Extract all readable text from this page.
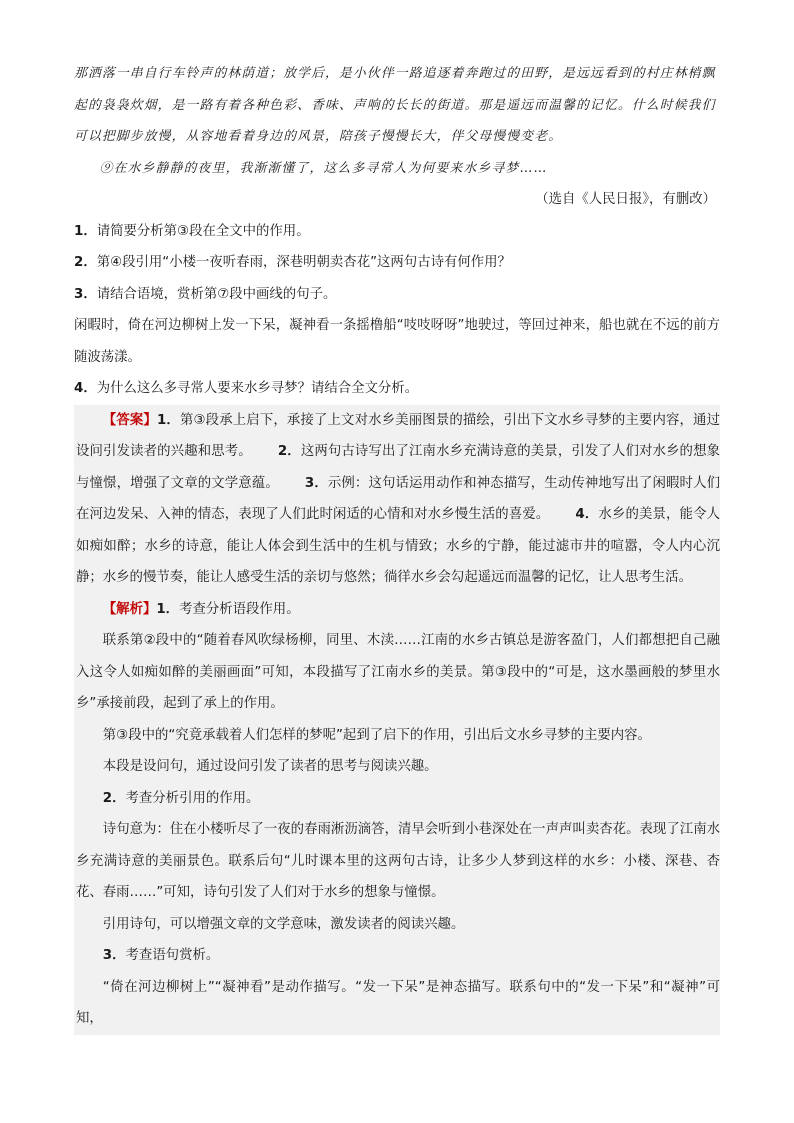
那洒落一串自行车铃声的林荫道；放学后，是小伙伴一路追逐着奔跑过的田野，是远远看到的村庄林梢飘
起的袅袅炊烟，是一路有着各种色彩、香味、声响的长长的街道。那是遥远而温馨的记忆。什么时候我们
可以把脚步放慢，从容地看着身边的风景，陪孩子慢慢长大，伴父母慢慢变老。

⑨在水乡静静的夜里，我渐渐懂了，这么多寻常人为何要来水乡寻梦……

（选自《人民日报》，有删改）

1．请简要分析第③段在全文中的作用。

2．第④段引用“小楼一夜听春雨，深巷明朝卖杏花”这两句古诗有何作用？

3．请结合语境，赏析第⑦段中画线的句子。

闲暇时，倚在河边柳树上发一下呆，凝神看一条摇橹船“吱吱呀呀”地驶过，等回过神来，船也就在不远的前方随波荡漾。

4．为什么这么多寻常人要来水乡寻梦？请结合全文分析。

【答案】1．第③段承上启下，承接了上文对水乡美丽图景的描绘，引出下文水乡寻梦的主要内容，通过设问引发读者的兴趣和思考。 2．这两句古诗写出了江南水乡充满诗意的美景，引发了人们对水乡的想象与憧憬，增强了文章的文学意蕴。 3．示例：这句话运用动作和神态描写，生动传神地写出了闲暇时人们在河边发呆、入神的情态，表现了人们此时闲适的心情和对水乡慢生活的喜爱。 4．水乡的美景，能令人如痴如醉；水乡的诗意，能让人体会到生活中的生机与情致；水乡的宁静，能过滤市井的喧嚣，令人内心沉静；水乡的慢节奏，能让人感受生活的亲切与悠然；徜徉水乡会勾起遥远而温馨的记忆，让人思考生活。

【解析】1．考查分析语段作用。

联系第②段中的“随着春风吹绿杨柳，同里、木渎……江南的水乡古镇总是游客盈门，人们都想把自己融入这令人如痴如醉的美丽画面”可知，本段描写了江南水乡的美景。第③段中的“可是，这水墨画般的梦里水乡”承接前段，起到了承上的作用。

第③段中的“究竟承载着人们怎样的梦呢”起到了启下的作用，引出后文水乡寻梦的主要内容。

本段是设问句，通过设问引发了读者的思考与阅读兴趣。

2．考查分析引用的作用。

诗句意为：住在小楼听尽了一夜的春雨淅沥滴答，清早会听到小巷深处在一声声叫卖杏花。表现了江南水乡充满诗意的美丽景色。联系后句“儿时课本里的这两句古诗，让多少人梦到这样的水乡：小楼、深巷、杏花、春雨……”可知，诗句引发了人们对于水乡的想象与憧憬。

引用诗句，可以增强文章的文学意味，激发读者的阅读兴趣。

3．考查语句赏析。

“倚在河边柳树上”“凝神看”是动作描写。“发一下呆”是神态描写。联系句中的“发一下呆”和“凝神”可知，
